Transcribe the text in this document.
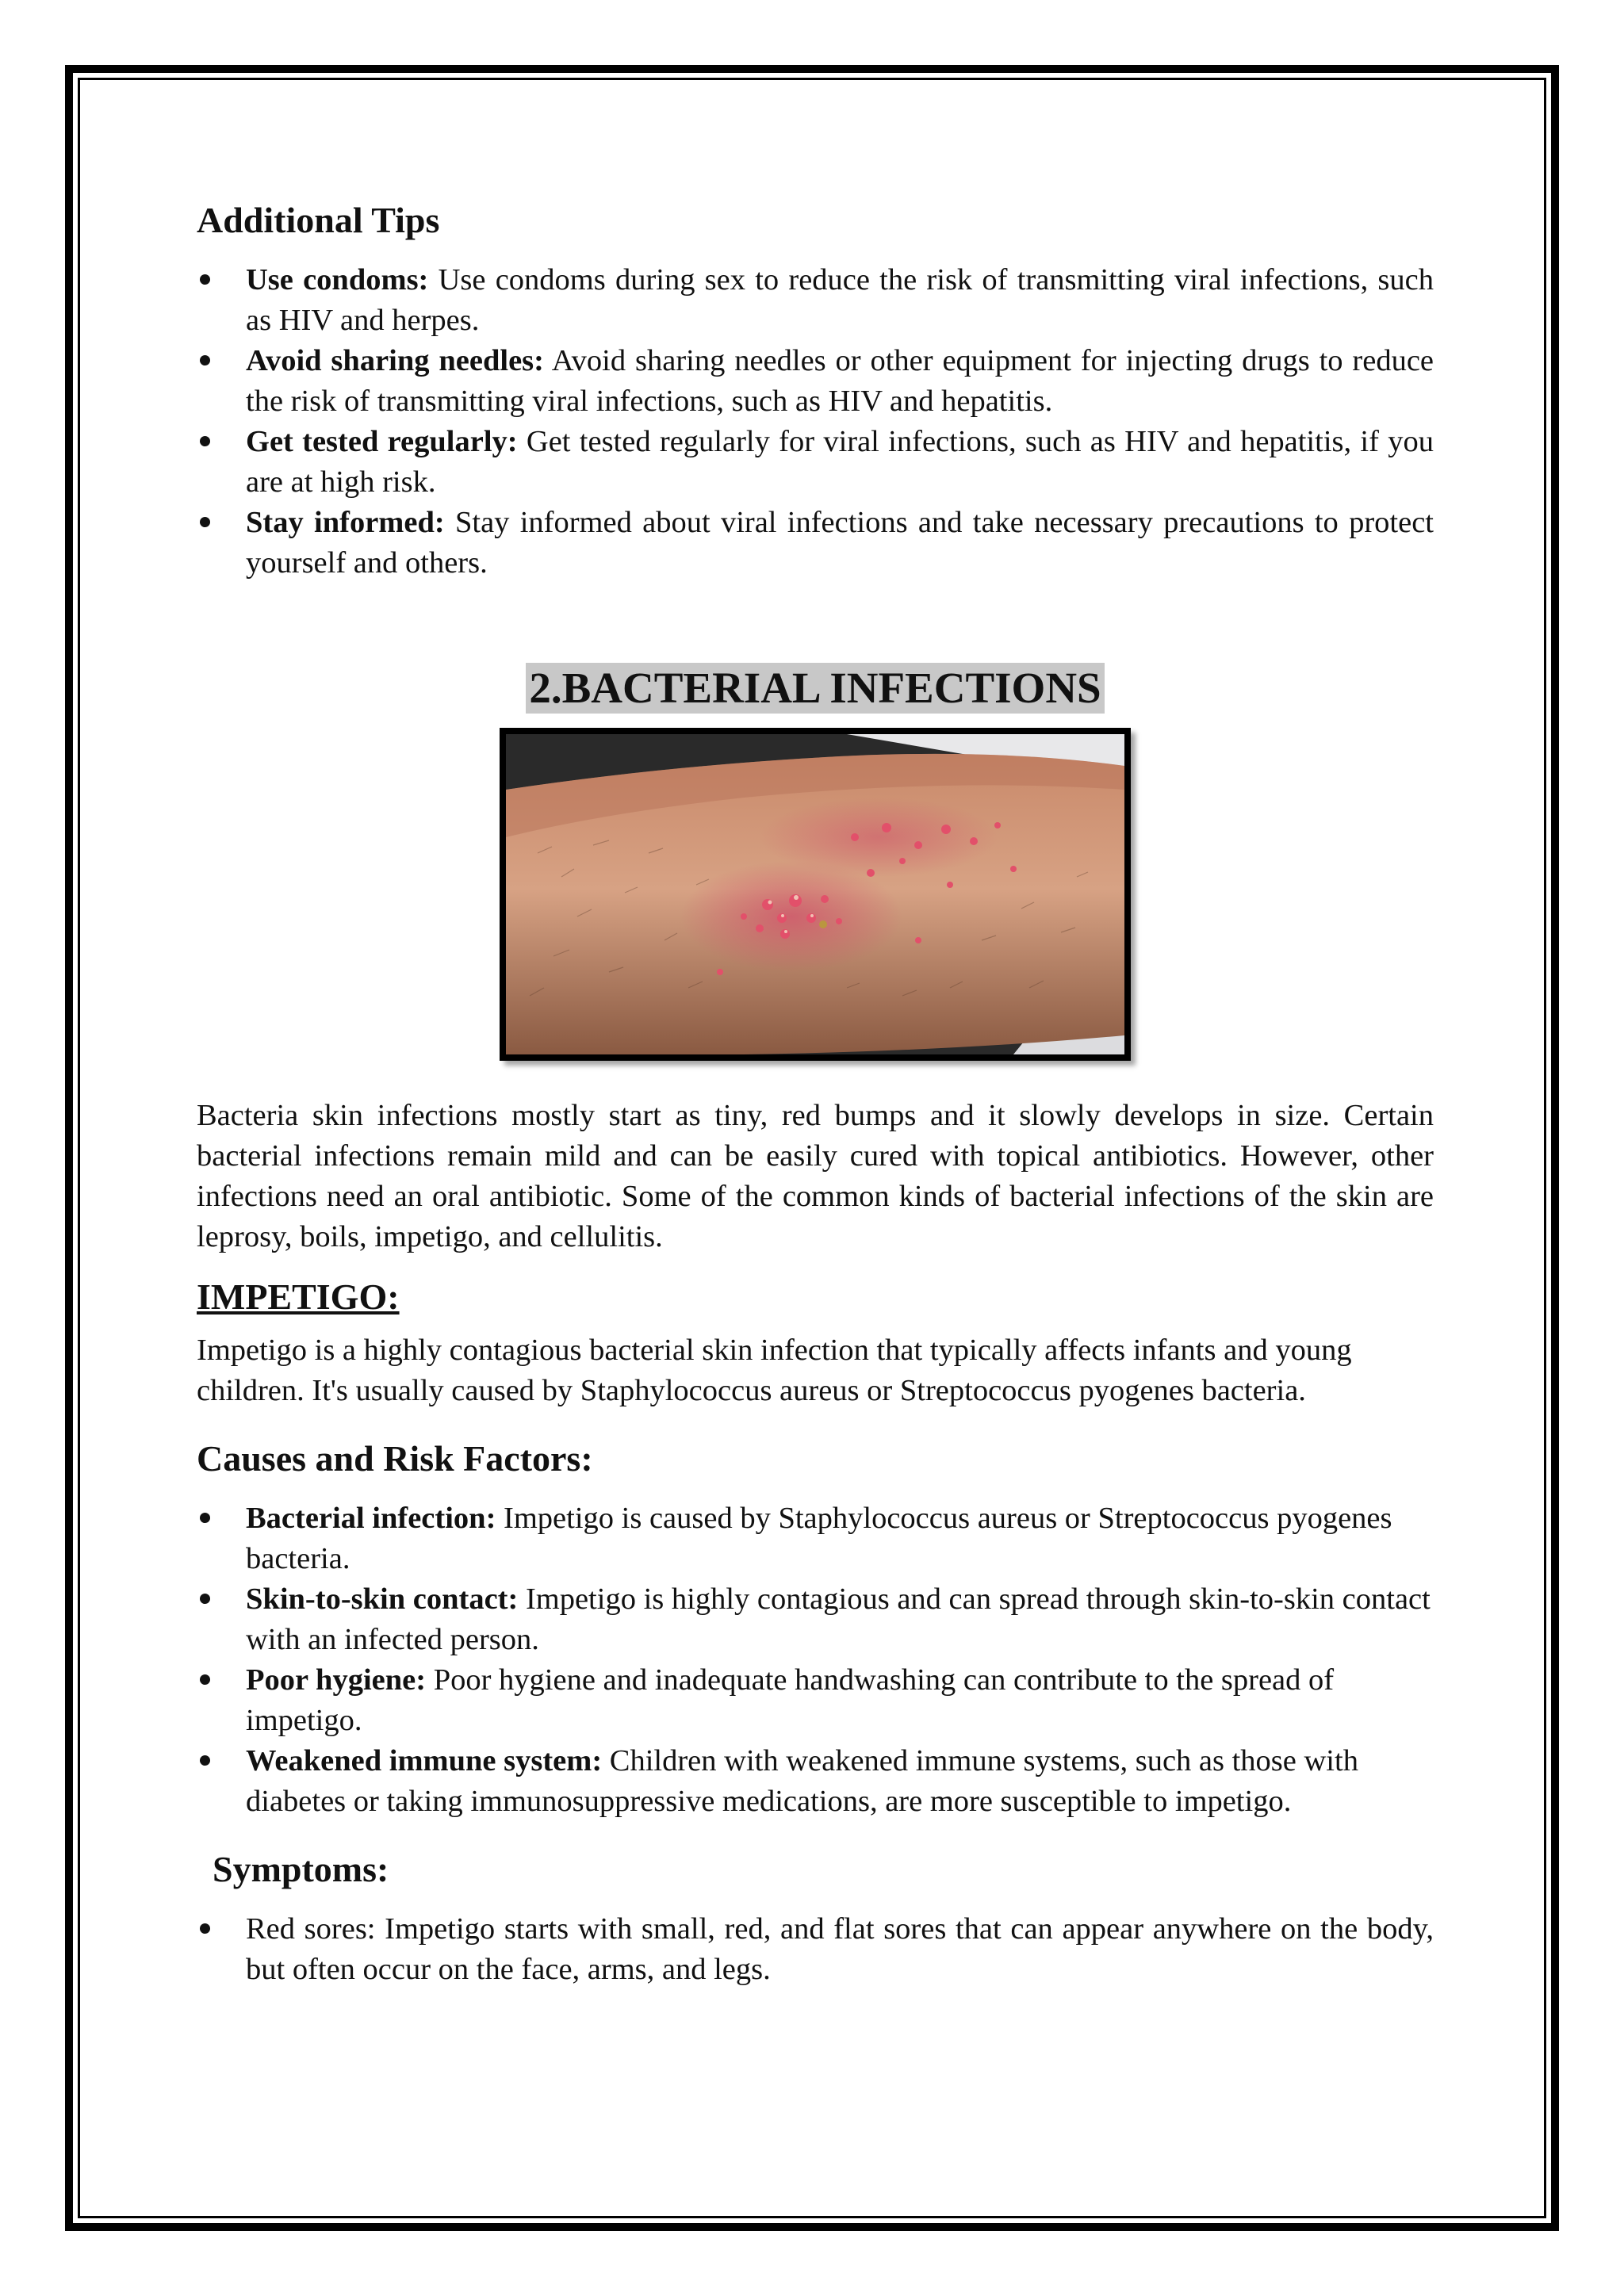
Additional Tips
Use condoms: Use condoms during sex to reduce the risk of transmitting viral infections, such as HIV and herpes.
Avoid sharing needles: Avoid sharing needles or other equipment for injecting drugs to reduce the risk of transmitting viral infections, such as HIV and hepatitis.
Get tested regularly: Get tested regularly for viral infections, such as HIV and hepatitis, if you are at high risk.
Stay informed: Stay informed about viral infections and take necessary precautions to protect yourself and others.
2.BACTERIAL INFECTIONS

Bacteria skin infections mostly start as tiny, red bumps and it slowly develops in size. Certain bacterial infections remain mild and can be easily cured with topical antibiotics. However, other infections need an oral antibiotic. Some of the common kinds of bacterial infections of the skin are leprosy, boils, impetigo, and cellulitis.

IMPETIGO:

Impetigo is a highly contagious bacterial skin infection that typically affects infants and young children. It's usually caused by Staphylococcus aureus or Streptococcus pyogenes bacteria.

Causes and Risk Factors:
Bacterial infection: Impetigo is caused by Staphylococcus aureus or Streptococcus pyogenes bacteria.
Skin-to-skin contact: Impetigo is highly contagious and can spread through skin-to-skin contact with an infected person.
Poor hygiene: Poor hygiene and inadequate handwashing can contribute to the spread of impetigo.
Weakened immune system: Children with weakened immune systems, such as those with diabetes or taking immunosuppressive medications, are more susceptible to impetigo.
Symptoms:
Red sores: Impetigo starts with small, red, and flat sores that can appear anywhere on the body, but often occur on the face, arms, and legs.
